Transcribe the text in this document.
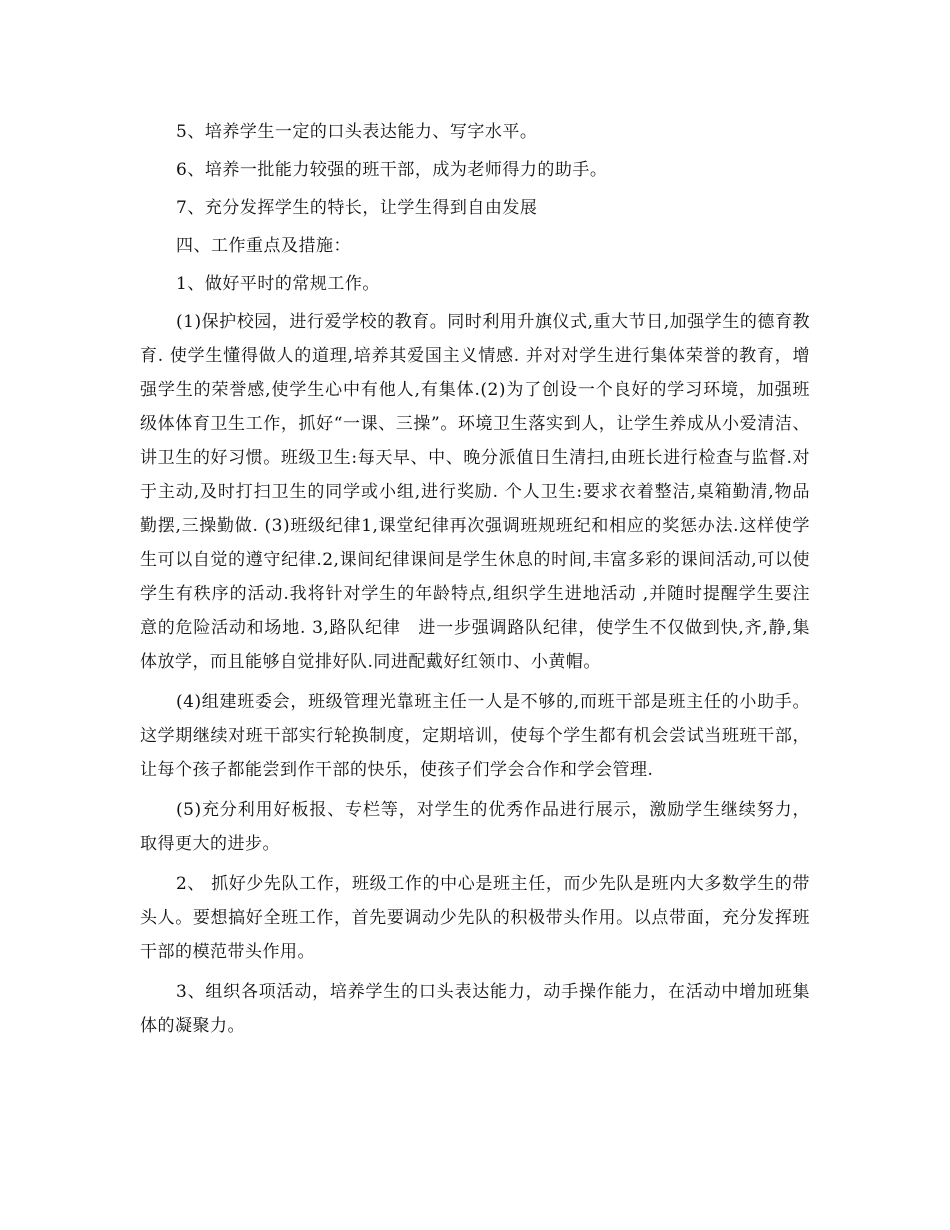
5、培养学生一定的口头表达能力、写字水平。

6、培养一批能力较强的班干部，成为老师得力的助手。

7、充分发挥学生的特长，让学生得到自由发展

四、工作重点及措施：

1、做好平时的常规工作。

(1)保护校园，进行爱学校的教育。同时利用升旗仪式,重大节日,加强学生的德育教育. 使学生懂得做人的道理,培养其爱国主义情感. 并对对学生进行集体荣誉的教育，增强学生的荣誉感,使学生心中有他人,有集体.(2)为了创设一个良好的学习环境，加强班级体体育卫生工作，抓好“一课、三操”。环境卫生落实到人，让学生养成从小爱清洁、讲卫生的好习惯。班级卫生:每天早、中、晚分派值日生清扫,由班长进行检查与监督.对于主动,及时打扫卫生的同学或小组,进行奖励. 个人卫生:要求衣着整洁,桌箱勤清,物品勤摆,三操勤做. (3)班级纪律1,课堂纪律再次强调班规班纪和相应的奖惩办法.这样使学生可以自觉的遵守纪律.2,课间纪律课间是学生休息的时间,丰富多彩的课间活动,可以使学生有秩序的活动.我将针对学生的年龄特点,组织学生进地活动 ,并随时提醒学生要注意的危险活动和场地. 3,路队纪律　进一步强调路队纪律，使学生不仅做到快,齐,静,集体放学，而且能够自觉排好队.同进配戴好红领巾、小黄帽。

(4)组建班委会，班级管理光靠班主任一人是不够的,而班干部是班主任的小助手。这学期继续对班干部实行轮换制度，定期培训，使每个学生都有机会尝试当班班干部，让每个孩子都能尝到作干部的快乐，使孩子们学会合作和学会管理.

(5)充分利用好板报、专栏等，对学生的优秀作品进行展示，激励学生继续努力，取得更大的进步。

2、 抓好少先队工作，班级工作的中心是班主任，而少先队是班内大多数学生的带头人。要想搞好全班工作，首先要调动少先队的积极带头作用。以点带面，充分发挥班干部的模范带头作用。

3、组织各项活动，培养学生的口头表达能力，动手操作能力，在活动中增加班集体的凝聚力。
